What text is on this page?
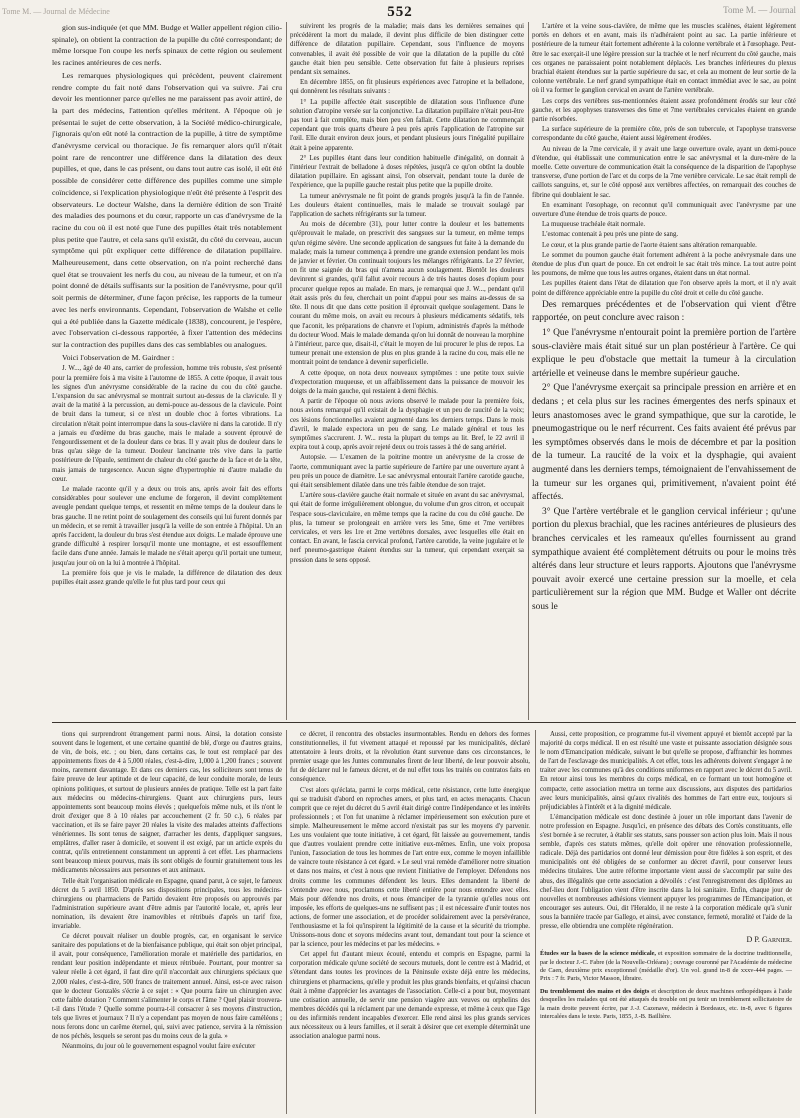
Tome M. — Journal de Médecine	552	Tome M. — Journal

gion sus-indiquée (et que MM. Budge et Waller appellent région cilio-spinale), on obtient la contraction de la pupille du côté correspondant; de même lorsque l'on coupe les nerfs spinaux de cette région ou seulement les racines antérieures de ces nerfs.

Les remarques physiologiques qui précèdent, peuvent clairement rendre compte du fait noté dans l'observation qui va suivre. J'ai cru devoir les mentionner parce qu'elles ne me paraissent pas avoir attiré, de la part des médecins, l'attention qu'elles méritent. A l'époque où je présentai le sujet de cette observation, à la Société médico-chirurgicale, j'ignorais qu'on eût noté la contraction de la pupille, à titre de symptôme d'anévrysme cervical ou thoracique. Je fis remarquer alors qu'il n'était point rare de rencontrer une différence dans la dilatation des deux pupilles, et que, dans le cas présent, ou dans tout autre cas isolé, il eût été possible de considérer cette différence des pupilles comme une simple coïncidence, si l'explication physiologique n'eût été présente à l'esprit des observateurs. Le docteur Walshe, dans la dernière édition de son Traité des maladies des poumons et du cœur, rapporte un cas d'anévrysme de la racine du cou où il est noté que l'une des pupilles était très notablement plus petite que l'autre, et cela sans qu'il existât, du côté du cerveau, aucun symptôme qui pût expliquer cette différence de dilatation pupillaire. Malheureusement, dans cette observation, on n'a point recherché dans quel état se trouvaient les nerfs du cou, au niveau de la tumeur, et on n'a point donné de détails suffisants sur la position de l'anévrysme, pour qu'il soit permis de déterminer, d'une façon précise, les rapports de la tumeur avec les nerfs environnants. Cependant, l'observation de Walshe et celle qui a été publiée dans la Gazette médicale (1838), concourent, je l'espère, avec l'observation ci-dessous rapportée, à fixer l'attention des médecins sur la contraction des pupilles dans des cas semblables ou analogues.

Voici l'observation de M. Gairdner :

J. W..., âgé de 40 ans, carrier de profession, homme très robuste, s'est présenté pour la première fois à ma visite à l'automne de 1855. A cette époque, il avait tous les signes d'un anévrysme considérable de la racine du cou du côté gauche. L'expansion du sac anévrysmal se montrait surtout au-dessus de la clavicule. Il y avait de la matité à la percussion, au demi-pouce au-dessous de la clavicule. Point de bruit dans la tumeur, si ce n'est un double choc à fortes vibrations. La circulation n'était point interrompue dans la sous-clavière ni dans la carotide. Il n'y a jamais eu d'œdème du bras gauche, mais le malade a souvent éprouvé de l'engourdissement et de la douleur dans ce bras. Il y avait plus de douleur dans le bras qu'au siège de la tumeur. Douleur lancinante très vive dans la partie postérieure de l'épaule, sentiment de chaleur du côté gauche de la face et de la tête, mais jamais de turgescence. Aucun signe d'hypertrophie ni d'autre maladie du cœur.

Le malade raconte qu'il y a deux ou trois ans, après avoir fait des efforts considérables pour soulever une enclume de forgeron, il devint complètement aveugle pendant quelque temps, et ressentit en même temps de la douleur dans le bras gauche. Il ne retint point de soulagement des conseils qui lui furent donnés par un médecin, et se remit à travailler jusqu'à la veille de son entrée à l'hôpital. Un an après l'accident, la douleur du bras s'est étendue aux doigts. Le malade éprouve une grande difficulté à respirer lorsqu'il monte une montagne, et est essoufflement facile dans d'une année. Jamais le malade ne s'était aperçu qu'il portait une tumeur, jusqu'au jour où on la lui à montrée à l'hôpital.

La première fois que je vis le malade, la différence de dilatation des deux pupilles était assez grande qu'elle le fut plus tard pour ceux qui

suivirent les progrès de la maladie; mais dans les dernières semaines qui précédèrent la mort du malade, il devint plus difficile de bien distinguer cette différence de dilatation pupillaire. Cependant, sous l'influence de moyens convenables, il avait été possible de voir que la dilatation de la pupille du côté gauche était bien peu sensible. Cette observation fut faite à plusieurs reprises pendant six semaines.

En décembre 1855, on fit plusieurs expériences avec l'atropine et la belladone, qui donnèrent les résultats suivants :

1° La pupille affectée était susceptible de dilatation sous l'influence d'une solution d'atropine versée sur la conjonctive. La dilatation pupillaire n'était peut-être pas tout à fait complète, mais bien peu s'en fallait. Cette dilatation ne commençait cependant que trois quarts d'heure à peu près après l'application de l'atropine sur l'œil. Elle durait environ deux jours, et pendant plusieurs jours l'inégalité pupillaire était à peine apparente.

2° Les pupilles étant dans leur condition habituelle d'inégalité, on donnait à l'intérieur l'extrait de belladone à doses répétées, jusqu'à ce qu'on obtînt la double dilatation pupillaire. En agissant ainsi, l'on observait, pendant toute la durée de l'expérience, que la pupille gauche restait plus petite que la pupille droite.

La tumeur anévrysmale ne fit point de grands progrès jusqu'à la fin de l'année. Les douleurs étaient continuelles, mais le malade se trouvait soulagé par l'application de sachets réfrigérants sur la tumeur.

Au mois de décembre (31), pour lutter contre la douleur et les battements qu'éprouvait le malade, on prescrivit des sangsues sur la tumeur, en même temps qu'un régime sévère. Une seconde application de sangsues fut faite à la demande du malade; mais la tumeur commença à prendre une grande extension pendant les mois de janvier et février. On continuait toujours les mélanges réfrigérants. Le 27 février, on fit une saignée du bras qui n'amena aucun soulagement. Bientôt les douleurs devinrent si grandes, qu'il fallut avoir recours à de très hautes doses d'opium pour procurer quelque repos au malade. En mars, je remarquai que J. W..., pendant qu'il était assis près du feu, cherchait un point d'appui pour ses mains au-dessus de sa tête. Il nous dit que dans cette position il éprouvait quelque soulagement. Dans le courant du même mois, on avait eu recours à plusieurs médicaments sédatifs, tels que l'aconit, les préparations de chanvre et l'opium, administrés d'après la méthode du docteur Wood. Mais le malade demanda qu'on lui donnât de nouveau la morphine à l'intérieur, parce que, disait-il, c'était le moyen de lui procurer le plus de repos. La tumeur prenait une extension de plus en plus grande à la racine du cou, mais elle ne montrait point de tendance à devenir superficielle.

A cette époque, on nota deux nouveaux symptômes : une petite toux suivie d'expectoration muqueuse, et un affaiblissement dans la puissance de mouvoir les doigts de la main gauche, qui restaient à demi fléchis.

A partir de l'époque où nous avions observé le malade pour la première fois, nous avions remarqué qu'il existait de la dysphagie et un peu de raucité de la voix; ces lésions fonctionnelles avaient augmenté dans les derniers temps. Dans le mois d'avril, le malade expectora un peu de sang. Le malade général et tous les symptômes s'accrurent. J. W... resta la plupart du temps au lit. Bref, le 22 avril il expira tout à coup, après avoir rejeté deux ou trois tasses à thé de sang artériel.

Autopsie. — L'examen de la poitrine montre un anévrysme de la crosse de l'aorte, communiquant avec la partie supérieure de l'artère par une ouverture ayant à peu près un pouce de diamètre. Le sac anévrysmal entourait l'artère carotide gauche, qui était sensiblement dilatée dans une très faible étendue de son trajet.

L'artère sous-clavière gauche était normale et située en avant du sac anévrysmal, qui était de forme irrégulièrement oblongue, du volume d'un gros citron, et occupait l'espace sous-claviculaire, en même temps que la racine du cou du côté gauche. De plus, la tumeur se prolongeait en arrière vers les 5me, 6me et 7me vertèbres cervicales, et vers les 1re et 2me vertèbres dorsales, avec lesquelles elle était en contact. En avant, le fascia cervical profond, l'artère carotide, la veine jugulaire et le nerf pneumo-gastrique étaient étendus sur la tumeur, qui cependant exerçait sa pression dans le sens opposé.

L'artère et la veine sous-clavière, de même que les muscles scalènes, étaient légèrement portés en dehors et en avant, mais ils n'adhéraient point au sac. La partie inférieure et postérieure de la tumeur était fortement adhérente à la colonne vertébrale et à l'œsophage. Peut-être le sac exerçait-il une légère pression sur la trachée et le nerf récurrent du côté gauche, mais ces organes ne paraissaient point notablement déplacés. Les branches inférieures du plexus brachial étaient étendues sur la partie supérieure du sac, et cela au moment de leur sortie de la colonne vertébrale. Le nerf grand sympathique était en contact immédiat avec le sac, au point où il va former le ganglion cervical en avant de l'artère vertébrale.

Les corps des vertèbres sus-mentionnées étaient assez profondément érodés sur leur côté gauche, et les apophyses transverses des 6me et 7me vertébrales cervicales étaient en grande partie résorbées.

La surface supérieure de la première côte, près de son tubercule, et l'apophyse transverse correspondante du côté gauche, étaient aussi légèrement érodées.

Au niveau de la 7me cervicale, il y avait une large ouverture ovale, ayant un demi-pouce d'étendue, qui établissait une communication entre le sac anévrysmal et la dure-mère de la moelle. Cette ouverture de communication était la conséquence de la disparition de l'apophyse transverse, d'une portion de l'arc et du corps de la 7me vertèbre cervicale. Le sac était rempli de caillots sanguins, et, sur le côté opposé aux vertèbres affectées, on remarquait des couches de fibrine qui doublaient le sac.

En examinant l'œsophage, on reconnut qu'il communiquait avec l'anévrysme par une ouverture d'une étendue de trois quarts de pouce.

La muqueuse trachéale était normale.

L'estomac contenait à peu près une pinte de sang.

Le cœur, et la plus grande partie de l'aorte étaient sans altération remarquable.

Le sommet du poumon gauche était fortement adhérent à la poche anévrysmale dans une étendue de plus d'un quart de pouce. En cet endroit le sac était très mince. La tout autre point les poumons, de même que tous les autres organes, étaient dans un état normal.

Les pupilles étaient dans l'état de dilatation que l'on observe après la mort, et il n'y avait point de différence appréciable entre la pupille du côté droit et celle du côté gauche.

Des remarques précédentes et de l'observation qui vient d'être rapportée, on peut conclure avec raison :

1° Que l'anévrysme n'entourait point la première portion de l'artère sous-clavière mais était situé sur un plan postérieur à l'artère. Ce qui explique le peu d'obstacle que mettait la tumeur à la circulation artérielle et veineuse dans le membre supérieur gauche.

2° Que l'anévrysme exerçait sa principale pression en arrière et en dedans ; et cela plus sur les racines émergentes des nerfs spinaux et leurs anastomoses avec le grand sympathique, que sur la carotide, le pneumogastrique ou le nerf récurrent. Ces faits avaient été prévus par les symptômes observés dans le mois de décembre et par la position de la tumeur. La raucité de la voix et la dysphagie, qui avaient augmenté dans les derniers temps, témoignaient de l'envahissement de la tumeur sur les organes qui, primitivement, n'avaient point été affectés.

3° Que l'artère vertébrale et le ganglion cervical inférieur ; qu'une portion du plexus brachial, que les racines antérieures de plusieurs des branches cervicales et les rameaux qu'elles fournissent au grand sympathique avaient été complètement détruits ou pour le moins très altérés dans leur structure et leurs rapports. Ajoutons que l'anévrysme pouvait avoir exercé une certaine pression sur la moelle, et cela particulièrement sur la région que MM. Budge et Waller ont décrite sous le

tions qui surprendront étrangement parmi nous. Ainsi, la dotation consiste souvent dans le logement, et une certaine quantité de blé, d'orge ou d'autres grains, de vin, de bois, etc. ; ou bien, dans certains cas, le tout est remplacé par des appointements fixes de 4 à 5,000 réales, c'est-à-dire, 1,000 à 1,200 francs ; souvent moins, rarement davantage. Et dans ces derniers cas, les solliciteurs sont tenus de faire preuve de leur aptitude et de leur capacité, de leur conduite morale, de leurs opinions politiques, et surtout de plusieurs années de pratique. Telle est la part faite aux médecins ou médecins-chirurgiens. Quant aux chirurgiens purs, leurs appointements sont beaucoup moins élevés ; quelquefois même nuls, et ils n'ont le droit d'exiger que 8 à 10 réales par accouchement (2 fr. 50 c.), 6 réales par vaccination, et ils se faire payer 20 réales la visite des malades atteints d'affections vénériennes. Ils sont tenus de saigner, d'arracher les dents, d'appliquer sangsues, emplâtres, d'aller raser à domicile, et souvent il est exigé, par un article exprès du contrat, qu'ils entretiennent constamment un apprenti à cet effet. Les pharmaciens sont beaucoup mieux pourvus, mais ils sont obligés de fournir gratuitement tous les médicaments nécessaires aux personnes et aux animaux.

Telle était l'organisation médicale en Espagne, quand parut, à ce sujet, le fameux décret du 5 avril 1850. D'après ses dispositions principales, tous les médecins-chirurgiens ou pharmaciens de Partido devaient être proposés ou approuvés par l'administration supérieure avant d'être admis par l'autorité locale, et, après leur nomination, ils devaient être inamovibles et rétribués d'après un tarif fixe, invariable.

Ce décret pouvait réaliser un double progrès, car, en organisant le service sanitaire des populations et de la bienfaisance publique, qui était son objet principal, il avait, pour conséquence, l'amélioration morale et matérielle des partidarios, en rendant leur position indépendante et mieux rétribuée. Pourtant, pour montrer sa valeur réelle à cet égard, il faut dire qu'il n'accordait aux chirurgiens spéciaux que 2,000 réales, c'est-à-dire, 500 francs de traitement annuel. Ainsi, est-ce avec raison que le docteur Gonzalès s'écrie à ce sujet : « Que pourra faire un chirurgien avec cette faible dotation ? Comment s'alimenter le corps et l'âme ? Quel plaisir trouvera-t-il dans l'étude ? Quelle somme pourra-t-il consacrer à ses moyens d'instruction, tels que livres et journaux ? Il n'y a cependant pas moyen de nous faire caméléons ; nous ferons donc un carême éternel, qui, suivi avec patience, servira à la rémission de nos péchés, lesquels se seront pas du moins ceux de la gula. »

Néanmoins, du jour où le gouvernement espagnol voulut faire exécuter

ce décret, il rencontra des obstacles insurmontables. Rendu en dehors des formes constitutionnelles, il fut vivement attaqué et repoussé par les municipalités, déclaré attentatoire à leurs droits, et la révolution étant survenue dans ces circonstances, le premier usage que les Juntes communales firent de leur liberté, de leur pouvoir absolu, fut de déclarer nul le fameux décret, et de nul effet tous les traités ou contratos faits en conséquence.

C'est alors qu'éclata, parmi le corps médical, cette résistance, cette lutte énergique qui se traduisit d'abord en reproches amers, et plus tard, en actes menaçants. Chacun comprit que ce rejet du décret du 5 avril était dirigé contre l'indépendance et les intérêts professionnels ; et l'on fut unanime à réclamer impérieusement son exécution pure et simple. Malheureusement le même accord n'existait pas sur les moyens d'y parvenir. Les uns voulaient que toute initiative, à cet égard, fût laissée au gouvernement, tandis que d'autres voulaient prendre cette initiative eux-mêmes. Enfin, une voix proposa l'union, l'association de tous les hommes de l'art entre eux, comme le moyen infaillible de vaincre toute résistance à cet égard. « Le seul vrai remède d'améliorer notre situation et dans nos mains, et c'est à nous que revient l'initiative de l'employer. Défendons nos droits comme les communes défendent les leurs. Elles demandent la liberté de s'entendre avec nous, proclamons cette liberté entière pour nous entendre avec elles. Mais pour défendre nos droits, et nous émanciper de la tyrannie qu'elles nous ont imposée, les efforts de quelques-uns ne suffisent pas ; il est nécessaire d'unir toutes nos actions, de former une association, et de procéder solidairement avec la persévérance, l'enthousiasme et la foi qu'inspirent la légitimité de la cause et la sécurité du triomphe. Unissons-nous donc et soyons médecins avant tout, demandant tout pour la science et par la science, pour les médecins et par les médecins. »

Cet appel fut d'autant mieux écouté, entendu et compris en Espagne, parmi la corporation médicale qu'une société de secours mutuels, dont le centre est à Madrid, et s'étendant dans toutes les provinces de la Péninsule existe déjà entre les médecins, chirurgiens et pharmaciens, qu'elle y produit les plus grands bienfaits, et qu'ainsi chacun était à même d'apprécier les avantages de l'association. Celle-ci a pour but, moyennant une cotisation annuelle, de servir une pension viagère aux veuves ou orphelins des membres décédés qui la réclament par une demande expresse, et même à ceux que l'âge ou des infirmités rendent incapables d'exercer. Elle rend ainsi les plus grands services aux nécessiteux ou à leurs familles, et il serait à désirer que cet exemple déterminât une association analogue parmi nous.

Aussi, cette proposition, ce programme fut-il vivement appuyé et bientôt accepté par la majorité du corps médical. Il en est résulté une vaste et puissante association désignée sous le nom d'Emancipation médicale, suivant le but qu'elle se propose, d'affranchir les hommes de l'art de l'esclavage des municipalités. A cet effet, tous les adhérents doivent s'engager à ne traiter avec les communes qu'à des conditions uniformes en rapport avec le décret du 5 avril. En retour ainsi tous les membres du corps médical, en ce formant un tout homogène et compacte, cette association mettra un terme aux discussions, aux disputes des partidarios avec leurs municipalités, ainsi qu'aux rivalités des hommes de l'art entre eux, toujours si préjudiciables à l'intérêt et à la dignité médicale.

L'émancipation médicale est donc destinée à jouer un rôle important dans l'avenir de notre profession en Espagne. Jusqu'ici, en présence des débats des Cortès constituants, elle s'est bornée à se recruter, à établir ses statuts, sans pousser son action plus loin. Mais il nous semble, d'après ces statuts mêmes, qu'elle doit opérer une rénovation professionnelle, radicale. Déjà des partidarios ont donné leur démission pour être fidèles à son esprit, et des municipalités ont été obligées de se conformer au décret d'avril, pour conserver leurs médecins titulaires. Une autre réforme importante vient aussi de s'accomplir par suite des abus, des illégalités que cette association a dévoilés : c'est l'enregistrement des diplômes au chef-lieu dont l'obligation vient d'être inscrite dans la loi sanitaire. Enfin, chaque jour de nouvelles et nombreuses adhésions viennent appuyer les programmes de l'Emancipation, et encourager ses auteurs. Oui, dit l'Heraldo, il ne reste à la corporation médicale qu'à s'unir sous la bannière tracée par Gallego, et ainsi, avec constance, fermeté, moralité et l'aide de la presse, elle obtiendra une complète régénération.

D P. Garnier.

Études sur la bases de la science médicale, et exposition sommaire de la doctrine traditionnelle, par le docteur J.-C. Fabre (de la Nouvelle-Orléans) ; ouvrage couronné par l'Académie de médecine de Caen, deuxième prix exceptionnel (médaille d'or). Un vol. grand in-8 de xxxv-444 pages. — Prix : 7 fr. Paris, Victor Masson, libraire.

Du tremblement des mains et des doigts et description de deux machines orthopédiques à l'aide desquelles les malades qui ont été attaqués du trouble ont pu tenir un tremblement sollicitatoire de la main droite peuvent écrire, par J.-J. Cazenave, médecin à Bordeaux, etc. in-8, avec 6 figures intercalées dans le texte. Paris, 1855, J.-B. Baillière.
